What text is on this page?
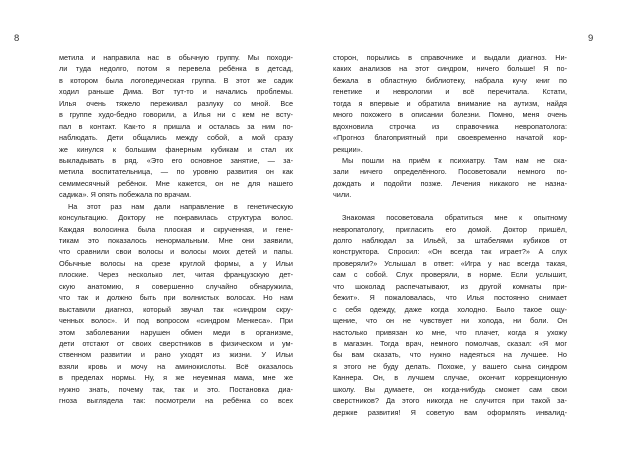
8	9
метила и направила нас в обычную группу. Мы походи-
ли туда недолго, потом я перевела ребёнка в детсад,
в котором была логопедическая группа. В этот же садик
ходил раньше Дима. Вот тут-то и начались проблемы.
Илья очень тяжело переживал разлуку со мной. Все
в группе худо-бедно говорили, а Илья ни с кем не всту-
пал в контакт. Как-то я пришла и осталась за ним по-
наблюдать. Дети общались между собой, а мой сразу
же кинулся к большим фанерным кубикам и стал их
выкладывать в ряд. «Это его основное занятие, — за-
метила воспитательница, — по уровню развития он как
семимесячный ребёнок. Мне кажется, он не для нашего
садика». Я опять побежала по врачам.
На этот раз нам дали направление в генетическую
консультацию. Доктору не понравилась структура волос.
Каждая волосинка была плоская и скрученная, и гене-
тикам это показалось ненормальным. Мне они заявили,
что сравнили свои волосы и волосы моих детей и папы.
Обычные волосы на срезе круглой формы, а у Ильи
плоские. Через несколько лет, читая французскую дет-
скую анатомию, я совершенно случайно обнаружила,
что так и должно быть при волнистых волосах. Но нам
выставили диагноз, который звучал так «синдром скру-
ченных волос». И под вопросом «синдром Менкеса». При
этом заболевании нарушен обмен меди в организме,
дети отстают от своих сверстников в физическом и ум-
ственном развитии и рано уходят из жизни. У Ильи
взяли кровь и мочу на аминокислоты. Всё оказалось
в пределах нормы. Ну, я же неуемная мама, мне же
нужно знать, почему так, так и это. Постановка диа-
гноза выглядела так: посмотрели на ребёнка со всех
сторон, порылись в справочнике и выдали диагноз. Ни-
каких анализов на этот синдром, ничего больше! Я по-
бежала в областную библиотеку, набрала кучу книг по
генетике и неврологии и всё перечитала. Кстати,
тогда я впервые и обратила внимание на аутизм, найдя
много похожего в описании болезни. Помню, меня очень
вдохновила строчка из справочника невропатолога:
«Прогноз благоприятный при своевременно начатой кор-
рекции».
Мы пошли на приём к психиатру. Там нам не ска-
зали ничего определённого. Посоветовали немного по-
дождать и подойти позже. Лечения никакого не назна-
чили.
Знакомая посоветовала обратиться мне к опытному
невропатологу, пригласить его домой. Доктор пришёл,
долго наблюдал за Ильёй, за штабелями кубиков от
конструктора. Спросил: «Он всегда так играет?» А слух
проверяли?» Услышал в ответ: «Игра у нас всегда такая,
сам с собой. Слух проверяли, в норме. Если услышит,
что шоколад распечатывают, из другой комнаты при-
бежит». Я пожаловалась, что Илья постоянно снимает
с себя одежду, даже когда холодно. Было такое ощу-
щение, что он не чувствует ни холода, ни боли. Он
настолько привязан ко мне, что плачет, когда я ухожу
в магазин. Тогда врач, немного помолчав, сказал: «Я мог
бы вам сказать, что нужно надеяться на лучшее. Но
я этого не буду делать. Похоже, у вашего сына синдром
Каннера. Он, в лучшем случае, окончит коррекционную
школу. Вы думаете, он когда-нибудь сможет сам свои
сверстников? Да этого никогда не случится при такой за-
держке развития! Я советую вам оформлять инвалид-
